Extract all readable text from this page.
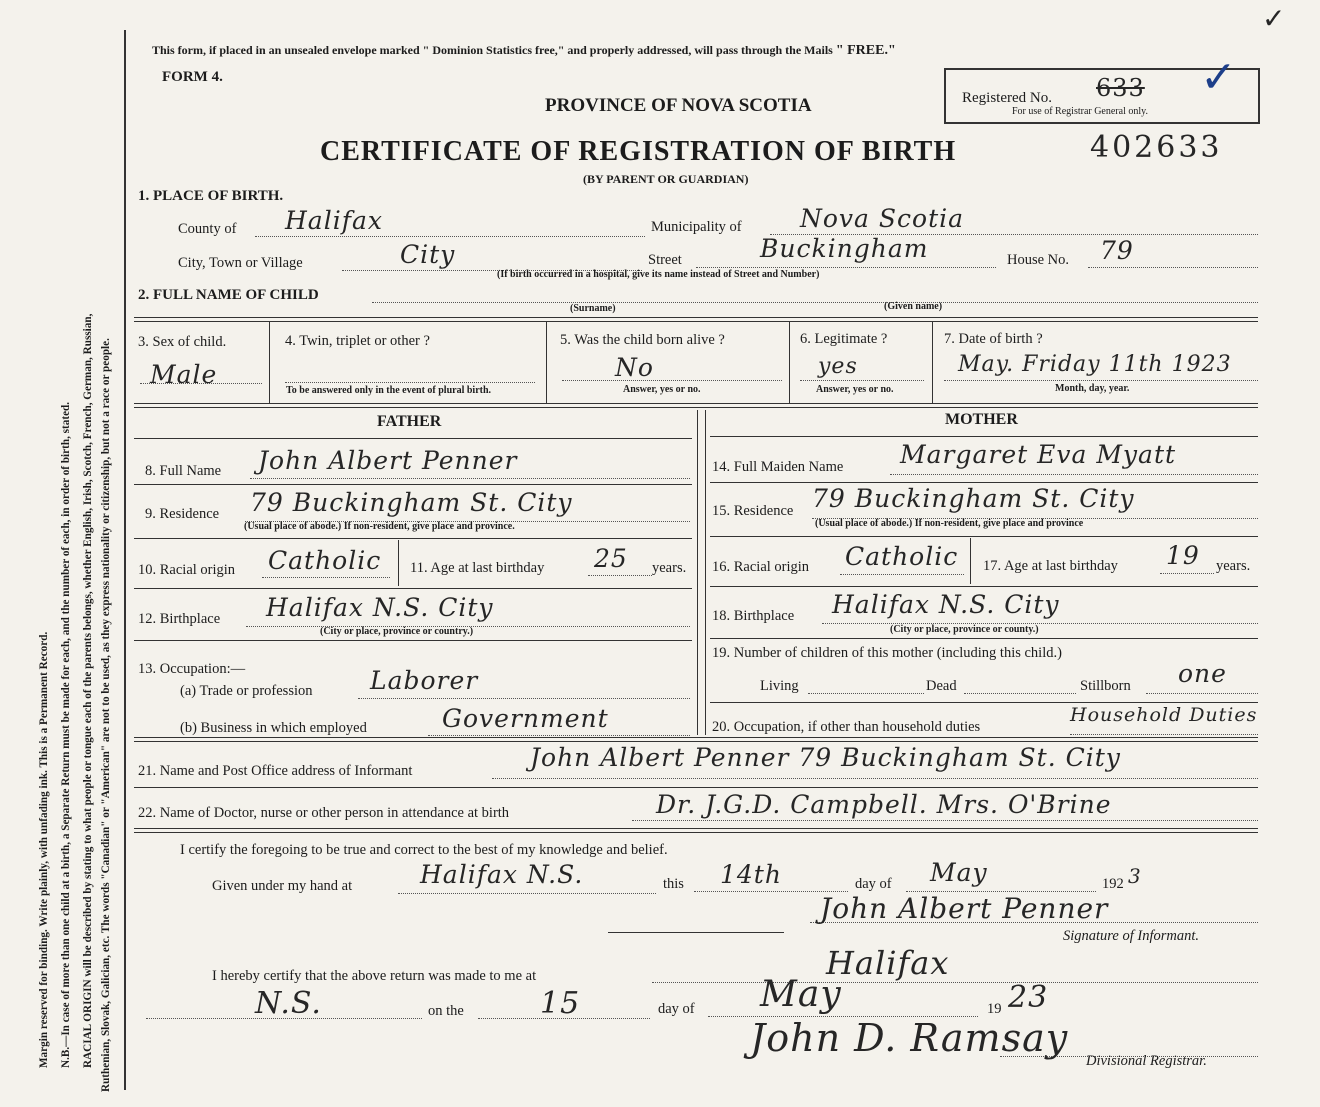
Margin reserved for binding. Write plainly, with unfading ink. This is a Permanent Record. N.B.—In case of more than one child at a birth, a Separate Return must be made for each, and the number of each, in order of birth, stated. RACIAL ORIGIN will be described by stating to what people or tongue each of the parents belongs, whether English, Irish, Scotch, French, German, Russian, Ruthenian, Slovak, Galician, etc. The words "Canadian" or "American" are not to be used, as they express nationality or citizenship, but not a race or people.
This form, if placed in an unsealed envelope marked " Dominion Statistics free," and properly addressed, will pass through the Mails " FREE."
FORM 4.
PROVINCE OF NOVA SCOTIA
CERTIFICATE OF REGISTRATION OF BIRTH
(BY PARENT OR GUARDIAN)
402633
Registered No.
For use of Registrar General only.
633 ✓
✓
1. PLACE OF BIRTH.
County of Halifax	Municipality of Nova Scotia
City, Town or Village	City	Street	Buckingham
(If birth occurred in a hospital, give its name instead of Street and Number)
House No. 79
2. FULL NAME OF CHILD
(Surname)	(Given name)
3. Sex of child.
Male
4. Twin, triplet or other ?
To be answered only in the event of plural birth.
5. Was the child born alive ?
No
Answer, yes or no.
6. Legitimate ?
yes
Answer, yes or no.
7. Date of birth ?
May. Friday 11th 1923
Month, day, year.
FATHER	MOTHER
8. Full Name John Albert Penner
9. Residence 79 Buckingham St. City
(Usual place of abode.) If non-resident, give place and province.
10. Racial origin Catholic 11. Age at last birthday 25 years.
12. Birthplace Halifax N.S. City
(City or place, province or country.)
13. Occupation:—
(a) Trade or profession Laborer
(b) Business in which employed	Government
14. Full Maiden Name Margaret Eva Myatt
15. Residence 79 Buckingham St. City
(Usual place of abode.) If non-resident, give place and province
16. Racial origin Catholic 17. Age at last birthday 19 years.
18. Birthplace Halifax N.S. City
(City or place, province or county.)
19. Number of children of this mother (including this child.)
Living	Dead	Stillborn one
20. Occupation, if other than household duties
Household Duties
21. Name and Post Office address of Informant	John Albert Penner 79 Buckingham St. City
22. Name of Doctor, nurse or other person in attendance at birth	Dr. J.G.D. Campbell. Mrs. O'Brine
I certify the foregoing to be true and correct to the best of my knowledge and belief.
Given under my hand at	Halifax N.S.	this 14th	day of May	192 3
John Albert Penner
Signature of Informant.
I hereby certify that the above return was made to me at	Halifax
N.S.	on the	15	day of May	19 23
John D. Ramsay
Divisional Registrar.
